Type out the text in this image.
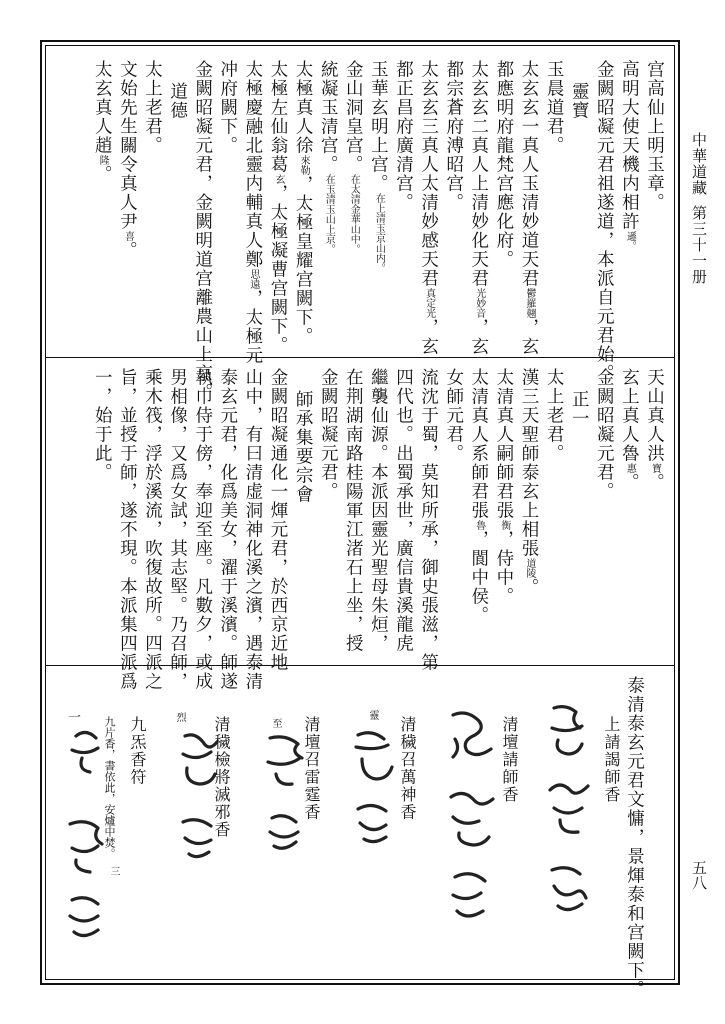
中華道藏
第三十一册
五八
宫高仙上明玉章。
高明大使天機内相許遜。
金闕昭凝元君祖遂道，本派自元君始。
靈寶
玉晨道君。
太玄玄一真人玉清妙道天君鬱羅翹，玄
都應明府龍梵宫應化府。
太玄玄二真人上清妙化天君光妙音，玄
都宗蒼府溥昭宫。
太玄玄三真人太清妙感天君真定光，玄
都正昌府廣清宫。
玉華玄明上宫。在上清玉京山内。
金山洞皇宫。在太清金華山中。
統凝玉清宫。在玉清玉山上京。
太極真人徐來勒，太極皇耀宫闕下。
太極左仙翁葛玄，太極凝曹宫闕下。
太極慶融北靈内輔真人鄭思遠，太極元
冲府闕下。
金闕昭凝元君，金闕明道宫離農山上京。
道德
太上老君。
文始先生關令真人尹喜。
太玄真人趙隆。
天山真人洪寶。
玄上真人魯惠。
金闕昭凝元君。
正一
太上老君。
漢三天聖師泰玄上相張道陵。
太清真人嗣師君張衡，侍中。
太清真人系師君張魯，閬中侯。
女師元君。
流沈于蜀，莫知所承，御史張滋，第
四代也。出蜀承世，廣信貴溪龍虎
繼襲仙源。本派因靈光聖母朱烜，
在荆湖南路桂陽軍江渚石上坐，授
金闕昭凝元君。
師承集要宗會
金闕昭凝通化一煇元君，於西京近地
山中，有曰清虚洞神化溪之濱，遇泰清
泰玄元君，化爲美女，濯于溪濱。師遂
執巾侍于傍，奉迎至座。凡數夕，或成
男相像，又爲女試，其志堅。乃召師，
乘木筏，浮於溪流，吹復故所。四派之
旨，並授于師，遂不現。本派集四派爲
一，始于此。
泰清泰玄元君文慵，景煇泰和宫闕下。
上請謁師香
清壇請師香
清穢召萬神香
清壇召雷霆香
清穢檢將滅邪香
九炁香符
九片香，書依此，安爐中焚。
靈
至
烈
一
三
